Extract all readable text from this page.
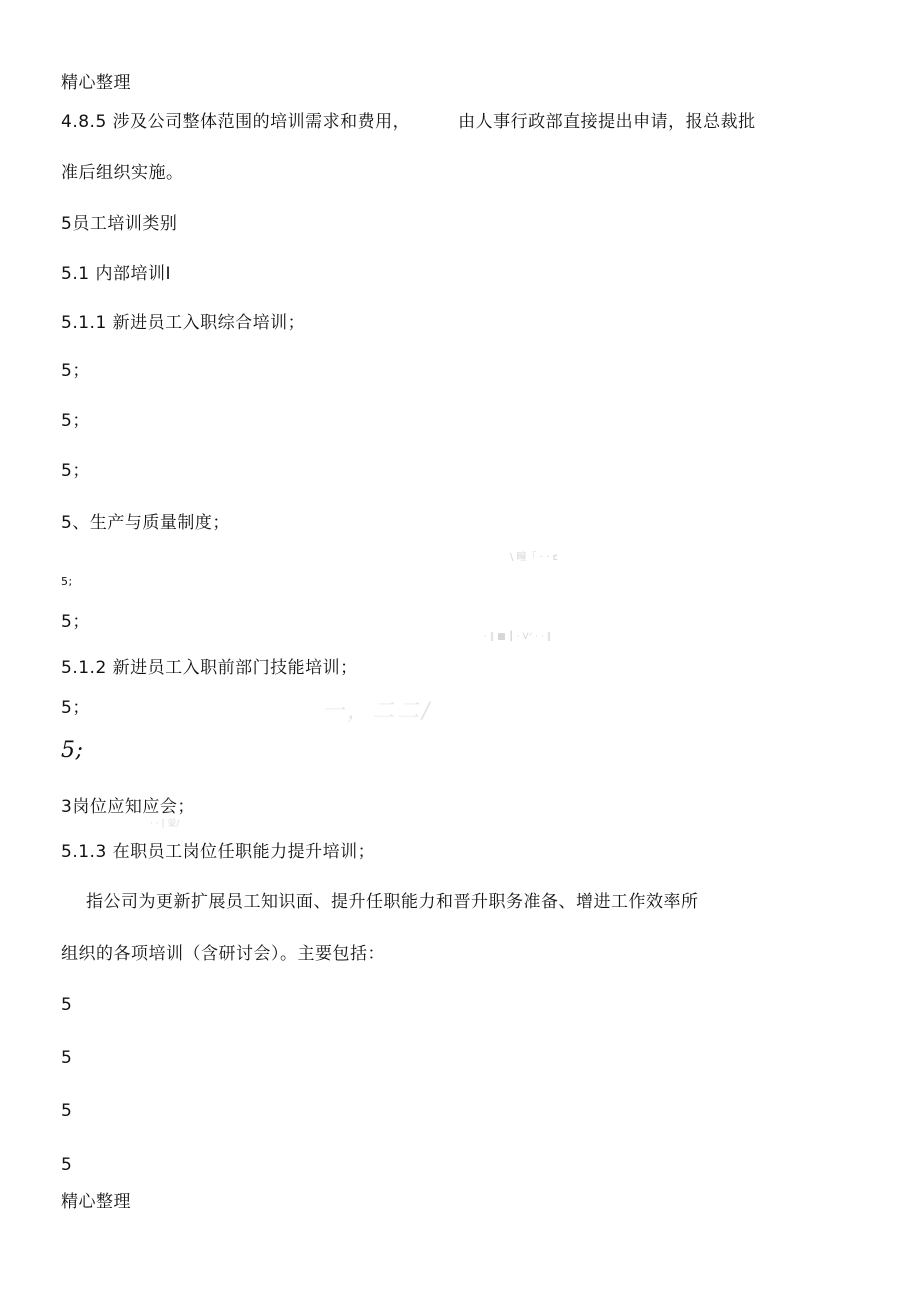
精心整理
4.8.5 涉及公司整体范围的培训需求和费用，	由人事行政部直接提出申请，报总裁批
准后组织实施。
5员工培训类别
5.1 内部培训Ⅰ
5.1.1 新进员工入职综合培训；
5；
5；
5；
5、生产与质量制度；
5;
5；
5.1.2 新进员工入职前部门技能培训；
5；
5;
3岗位应知应会；
5.1.3 在职员工岗位任职能力提升培训；
指公司为更新扩展员工知识面、提升任职能力和晋升职务准备、增进工作效率所
组织的各项培训（含研讨会）。主要包括：
5
5
5
5
精心整理
\ 疃「 · · ε
· ‖ ■ ┃ · ᐯᐟ · · ‖
一，二二/
· · | 蒙/
